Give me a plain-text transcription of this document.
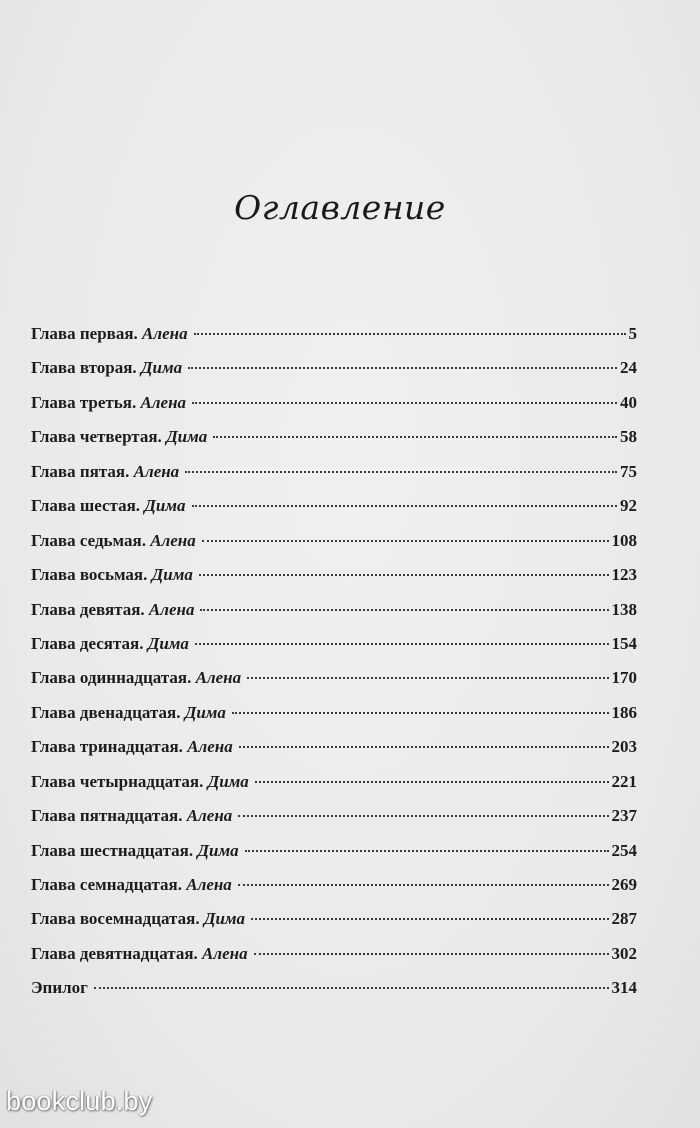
Оглавление
Глава первая. Алена	5
Глава вторая. Дима	24
Глава третья. Алена	40
Глава четвертая. Дима	58
Глава пятая. Алена	75
Глава шестая. Дима	92
Глава седьмая. Алена	108
Глава восьмая. Дима	123
Глава девятая. Алена	138
Глава десятая. Дима	154
Глава одиннадцатая. Алена	170
Глава двенадцатая. Дима	186
Глава тринадцатая. Алена	203
Глава четырнадцатая. Дима	221
Глава пятнадцатая. Алена	237
Глава шестнадцатая. Дима	254
Глава семнадцатая. Алена	269
Глава восемнадцатая. Дима	287
Глава девятнадцатая. Алена	302
Эпилог	314
bookclub.by
